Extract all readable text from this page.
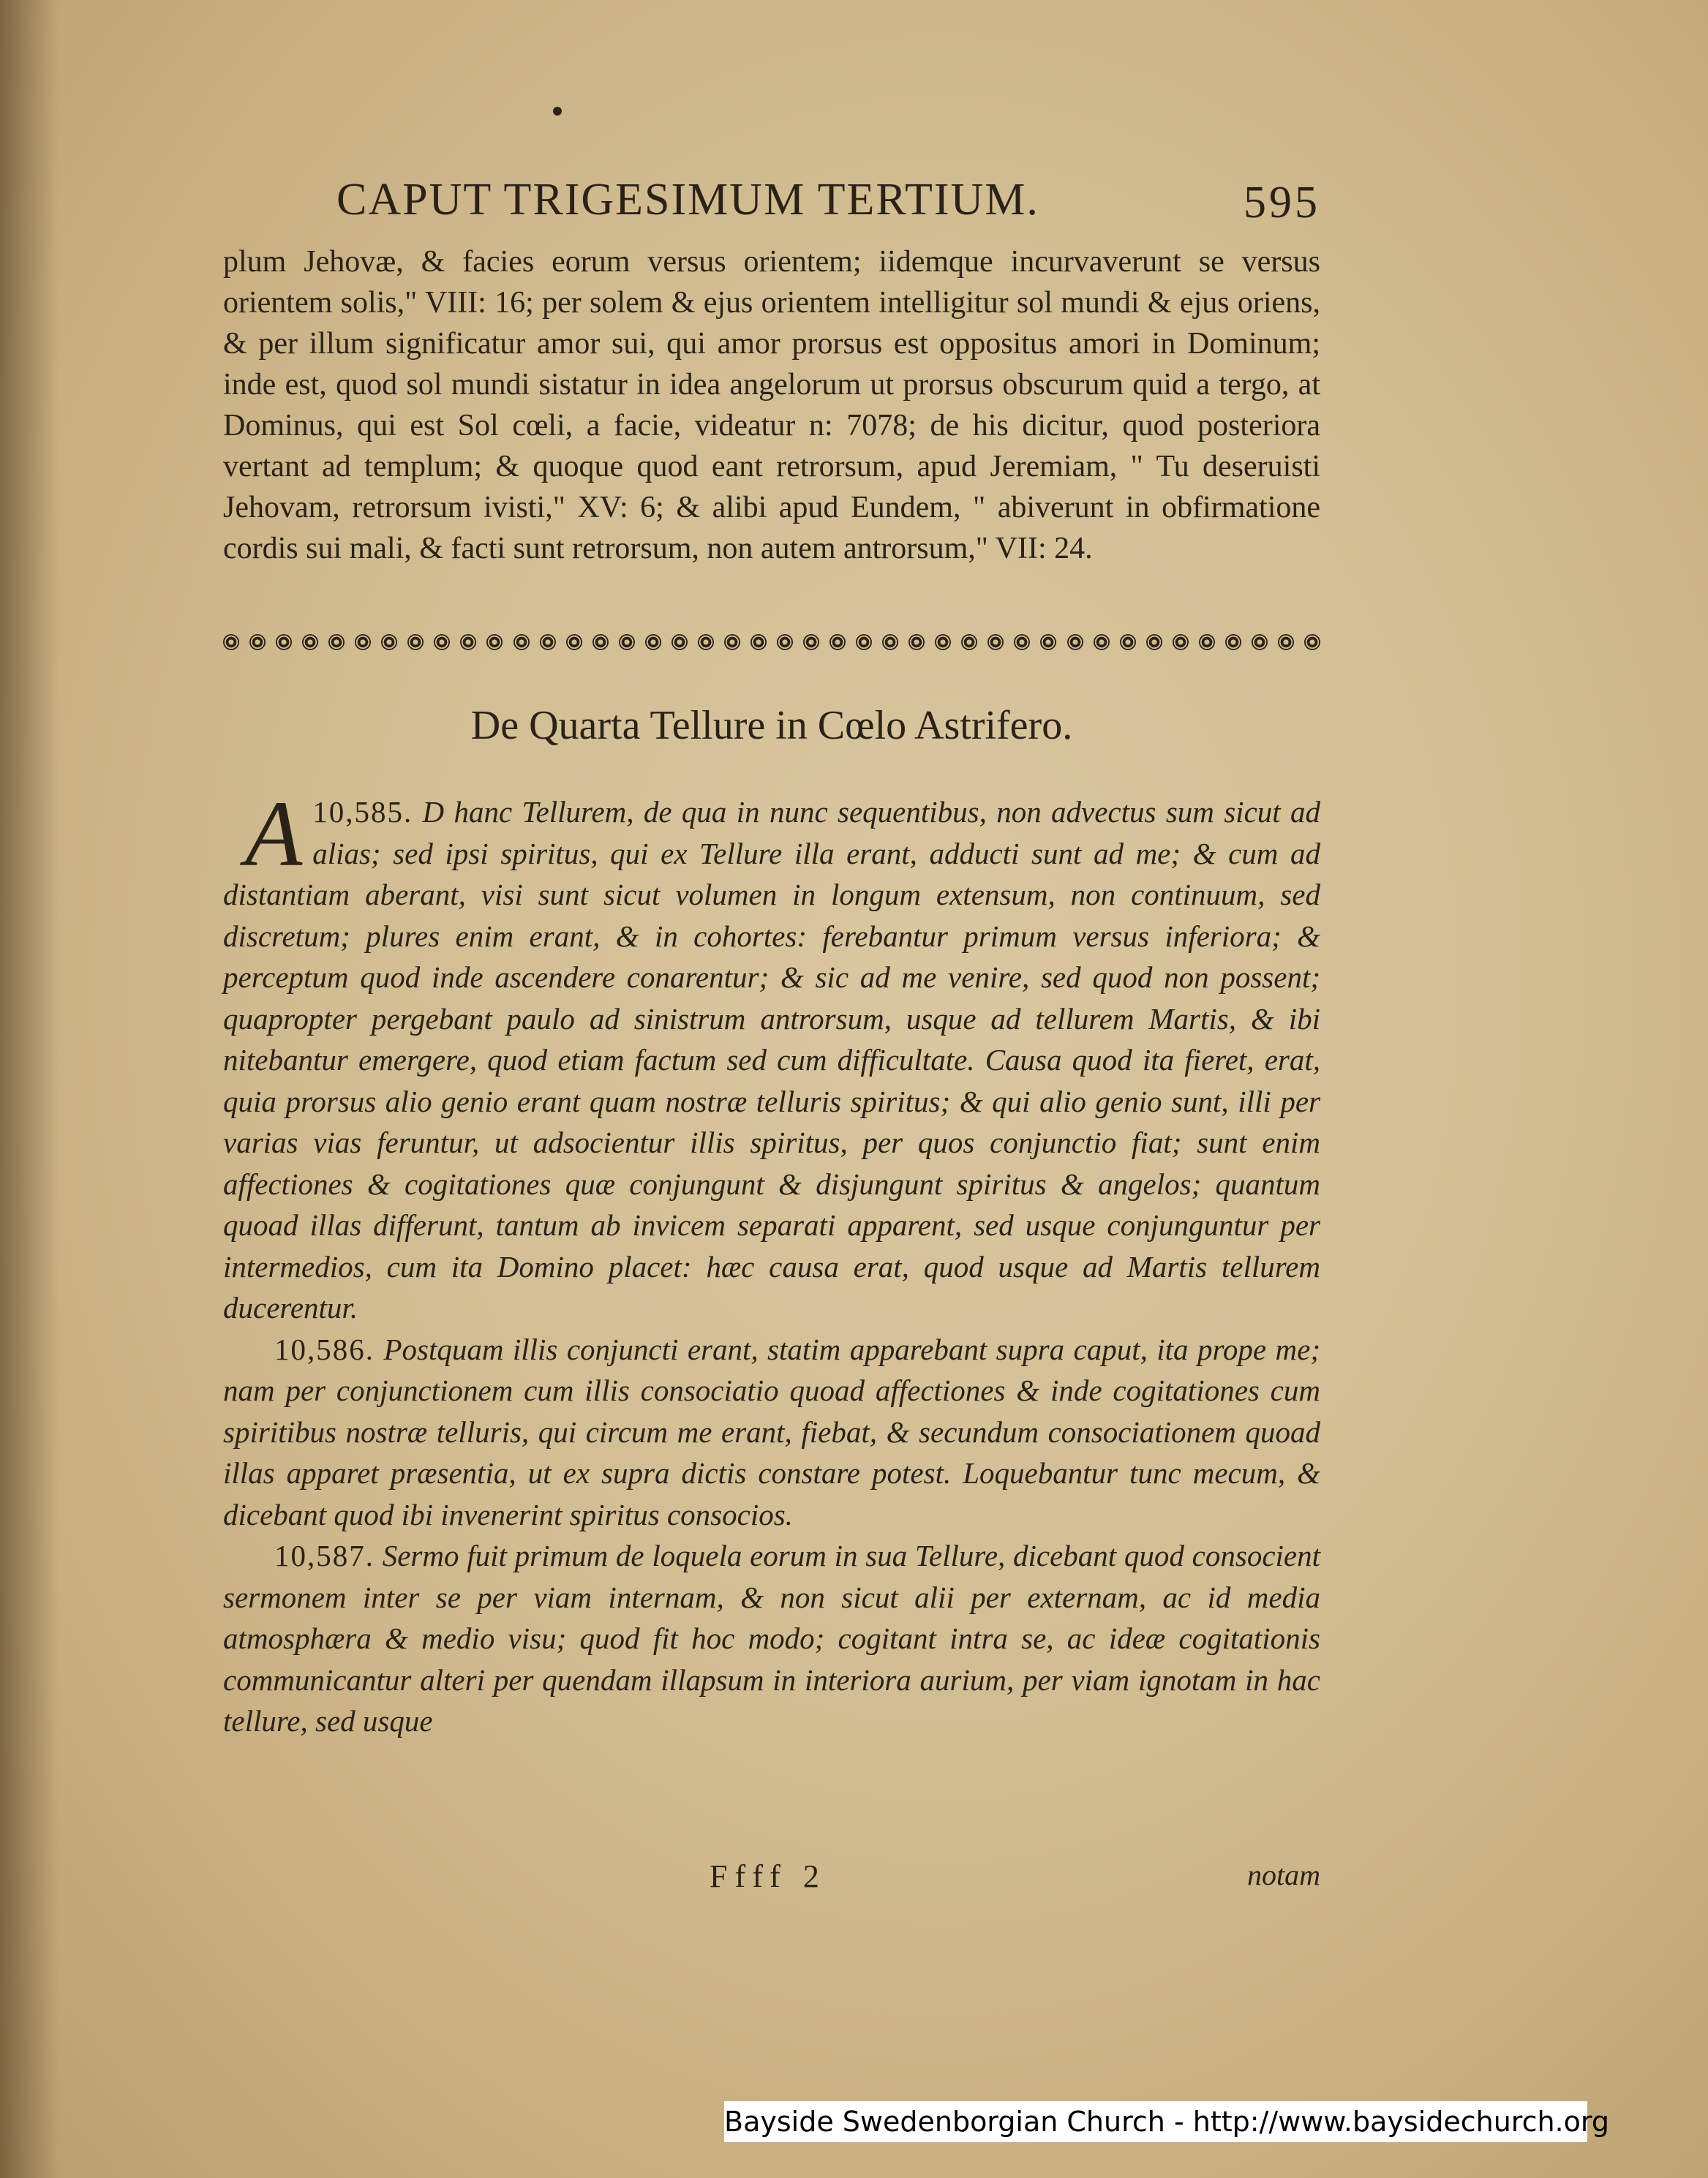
CAPUT TRIGESIMUM TERTIUM.	595
plum Jehovæ, & facies eorum versus orientem; iidemque incurvaverunt se versus orientem solis," VIII: 16; per solem & ejus orientem intelligitur sol mundi & ejus oriens, & per illum significatur amor sui, qui amor prorsus est oppositus amori in Dominum; inde est, quod sol mundi sistatur in idea angelorum ut prorsus obscurum quid a tergo, at Dominus, qui est Sol cœli, a facie, videatur n: 7078; de his dicitur, quod posteriora vertant ad templum; & quoque quod eant retrorsum, apud Jeremiam, " Tu deseruisti Jehovam, retrorsum ivisti," XV: 6; & alibi apud Eundem, " abiverunt in obfirmatione cordis sui mali, & facti sunt retrorsum, non autem antrorsum," VII: 24.
De Quarta Tellure in Cœlo Astrifero.

10,585.
A	D hanc Tellurem, de qua in nunc sequentibus, non advectus sum sicut ad alias; sed ipsi spiritus, qui ex Tellure illa erant, adducti sunt ad me; & cum ad distantiam aberant, visi sunt sicut volumen in longum extensum, non continuum, sed discretum; plures enim erant, & in cohortes: ferebantur primum versus inferiora; & perceptum quod inde ascendere conarentur; & sic ad me venire, sed quod non possent; quapropter pergebant paulo ad sinistrum antrorsum, usque ad tellurem Martis, & ibi nitebantur emergere, quod etiam factum sed cum difficultate. Causa quod ita fieret, erat, quia prorsus alio genio erant quam nostræ telluris spiritus; & qui alio genio sunt, illi per varias vias feruntur, ut adsocientur illis spiritus, per quos conjunctio fiat; sunt enim affectiones & cogitationes quæ conjungunt & disjungunt spiritus & angelos; quantum quoad illas differunt, tantum ab invicem separati apparent, sed usque conjunguntur per intermedios, cum ita Domino placet: hæc causa erat, quod usque ad Martis tellurem ducerentur.

10,586. Postquam illis conjuncti erant, statim apparebant supra caput, ita prope me; nam per conjunctionem cum illis consociatio quoad affectiones & inde cogitationes cum spiritibus nostræ telluris, qui circum me erant, fiebat, & secundum consociationem quoad illas apparet præsentia, ut ex supra dictis constare potest. Loquebantur tunc mecum, & dicebant quod ibi invenerint spiritus consocios.

10,587. Sermo fuit primum de loquela eorum in sua Tellure, dicebant quod consocient sermonem inter se per viam internam, & non sicut alii per externam, ac id media atmosphæra & medio visu; quod fit hoc modo; cogitant intra se, ac ideæ cogitationis communicantur alteri per quendam illapsum in interiora aurium, per viam ignotam in hac tellure, sed usque

Ffff 2	notam
Bayside Swedenborgian Church - http://www.baysidechurch.org
